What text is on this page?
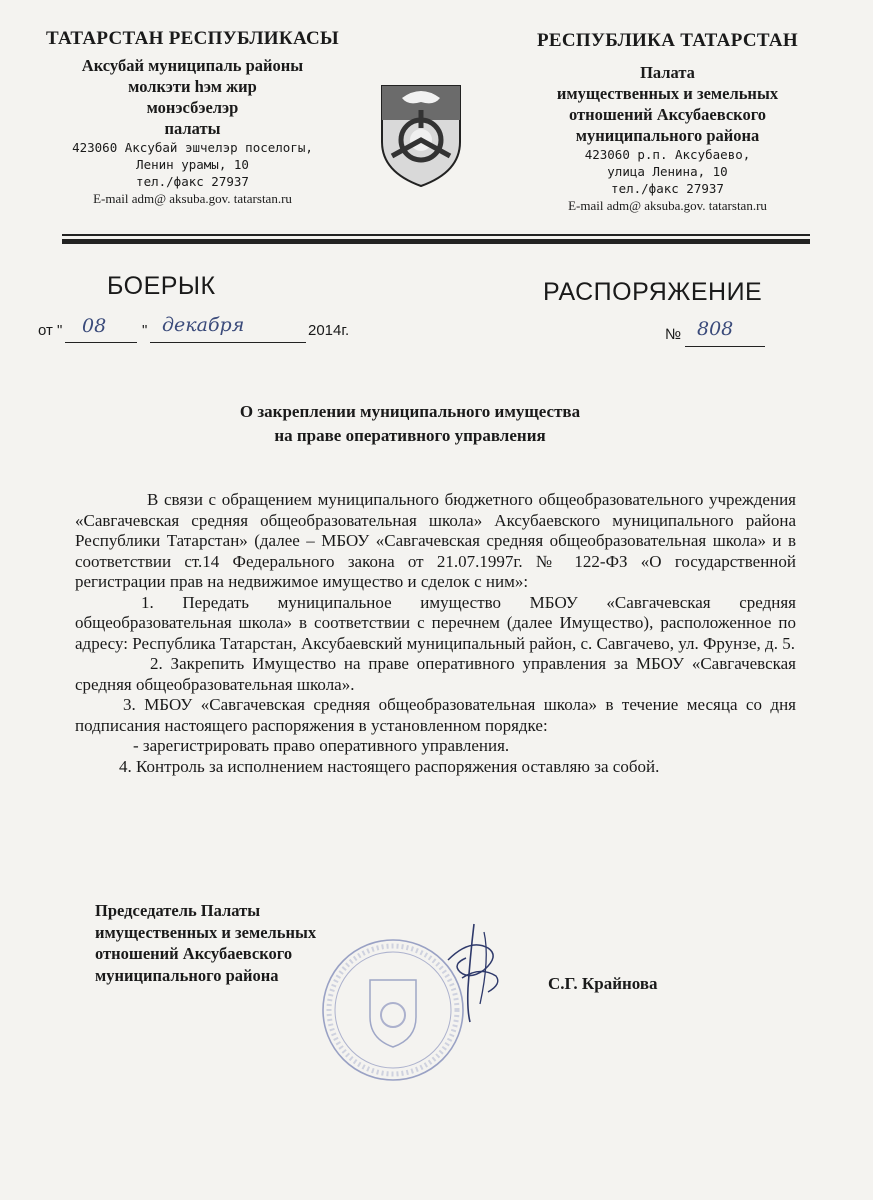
ТАТАРСТАН РЕСПУБЛИКАСЫ
Аксубай муниципаль районы
молкэти hэм жир
монэсбэелэр
палаты
423060 Аксубай эшчелэр поселогы,
Ленин урамы, 10
тел./факс 27937
E-mail adm@ aksuba.gov. tatarstan.ru
РЕСПУБЛИКА ТАТАРСТАН
Палата
имущественных и земельных
отношений Аксубаевского
муниципального района
423060 р.п. Аксубаево,
улица Ленина, 10
тел./факс 27937
E-mail adm@ aksuba.gov. tatarstan.ru
БОЕРЫК	РАСПОРЯЖЕНИЕ
от " 08 " декабря	2014г.	№ 808
О закреплении муниципального имущества
на праве оперативного управления

В связи с обращением муниципального бюджетного общеобразовательного учреждения «Савгачевская средняя общеобразовательная школа» Аксубаевского муниципального района Республики Татарстан» (далее – МБОУ «Савгачевская средняя общеобразовательная школа» и в соответствии ст.14 Федерального закона от 21.07.1997г. № 122-ФЗ «О государственной регистрации прав на недвижимое имущество и сделок с ним»:

1. Передать муниципальное имущество МБОУ «Савгачевская средняя общеобразовательная школа» в соответствии с перечнем (далее Имущество), расположенное по адресу: Республика Татарстан, Аксубаевский муниципальный район, с. Савгачево, ул. Фрунзе, д. 5.

2. Закрепить Имущество на праве оперативного управления за МБОУ «Савгачевская средняя общеобразовательная школа».

3. МБОУ «Савгачевская средняя общеобразовательная школа» в течение месяца со дня подписания настоящего распоряжения в установленном порядке:

- зарегистрировать право оперативного управления.

4. Контроль за исполнением настоящего распоряжения оставляю за собой.

Председатель Палаты
имущественных и земельных
отношений Аксубаевского
муниципального района	С.Г. Крайнова
